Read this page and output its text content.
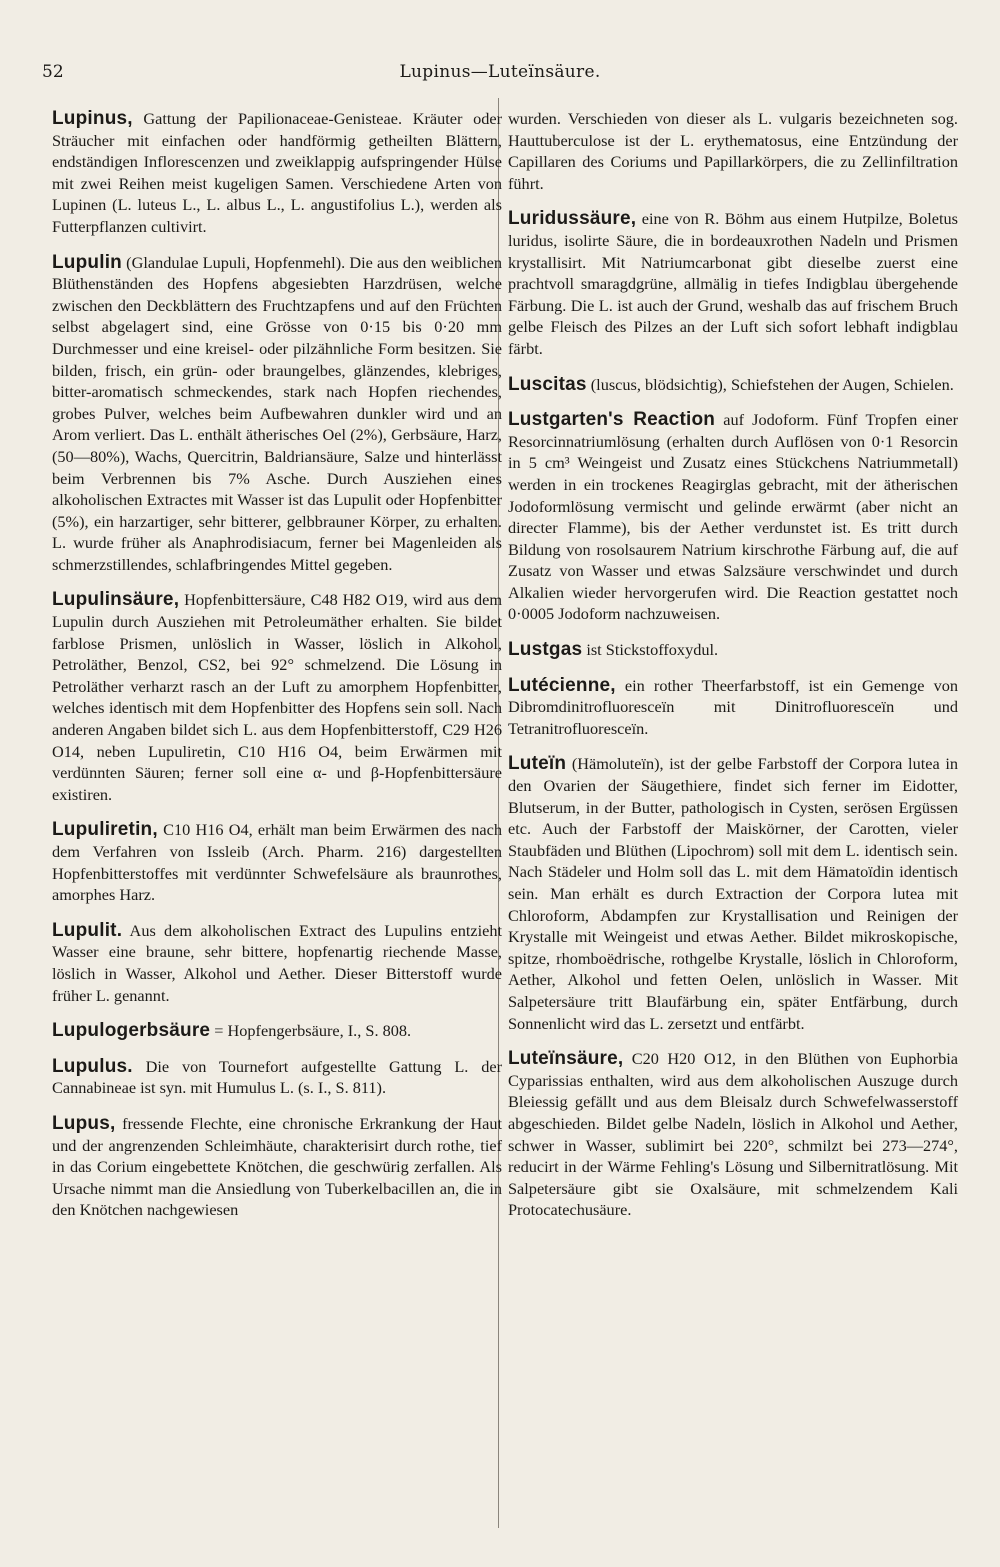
52	Lupinus—Luteïnsäure.

Lupinus, Gattung der Papilionaceae-Genisteae. Kräuter oder Sträucher mit einfachen oder handförmig getheilten Blättern, endständigen Inflorescenzen und zweiklappig aufspringender Hülse mit zwei Reihen meist kugeligen Samen. Verschiedene Arten von Lupinen (L. luteus L., L. albus L., L. angustifolius L.), werden als Futterpflanzen cultivirt.

Lupulin (Glandulae Lupuli, Hopfenmehl). Die aus den weiblichen Blüthenständen des Hopfens abgesiebten Harzdrüsen, welche zwischen den Deckblättern des Fruchtzapfens und auf den Früchten selbst abgelagert sind, eine Grösse von 0·15 bis 0·20 mm Durchmesser und eine kreisel- oder pilzähnliche Form besitzen. Sie bilden, frisch, ein grün- oder braungelbes, glänzendes, klebriges, bitter-aromatisch schmeckendes, stark nach Hopfen riechendes, grobes Pulver, welches beim Aufbewahren dunkler wird und an Arom verliert. Das L. enthält ätherisches Oel (2%), Gerbsäure, Harz, (50—80%), Wachs, Quercitrin, Baldriansäure, Salze und hinterlässt beim Verbrennen bis 7% Asche. Durch Ausziehen eines alkoholischen Extractes mit Wasser ist das Lupulit oder Hopfenbitter (5%), ein harzartiger, sehr bitterer, gelbbrauner Körper, zu erhalten. L. wurde früher als Anaphrodisiacum, ferner bei Magenleiden als schmerzstillendes, schlafbringendes Mittel gegeben.

Lupulinsäure, Hopfenbittersäure, C48 H82 O19, wird aus dem Lupulin durch Ausziehen mit Petroleumäther erhalten. Sie bildet farblose Prismen, unlöslich in Wasser, löslich in Alkohol, Petroläther, Benzol, CS2, bei 92° schmelzend. Die Lösung in Petroläther verharzt rasch an der Luft zu amorphem Hopfenbitter, welches identisch mit dem Hopfenbitter des Hopfens sein soll. Nach anderen Angaben bildet sich L. aus dem Hopfenbitterstoff, C29 H26 O14, neben Lupuliretin, C10 H16 O4, beim Erwärmen mit verdünnten Säuren; ferner soll eine α- und β-Hopfenbittersäure existiren.

Lupuliretin, C10 H16 O4, erhält man beim Erwärmen des nach dem Verfahren von Issleib (Arch. Pharm. 216) dargestellten Hopfenbitterstoffes mit verdünnter Schwefelsäure als braunrothes, amorphes Harz.

Lupulit. Aus dem alkoholischen Extract des Lupulins entzieht Wasser eine braune, sehr bittere, hopfenartig riechende Masse, löslich in Wasser, Alkohol und Aether. Dieser Bitterstoff wurde früher L. genannt.

Lupulogerbsäure = Hopfengerbsäure, I., S. 808.

Lupulus. Die von Tournefort aufgestellte Gattung L. der Cannabineae ist syn. mit Humulus L. (s. I., S. 811).

Lupus, fressende Flechte, eine chronische Erkrankung der Haut und der angrenzenden Schleimhäute, charakterisirt durch rothe, tief in das Corium eingebettete Knötchen, die geschwürig zerfallen. Als Ursache nimmt man die Ansiedlung von Tuberkelbacillen an, die in den Knötchen nachgewiesen

wurden. Verschieden von dieser als L. vulgaris bezeichneten sog. Hauttuberculose ist der L. erythematosus, eine Entzündung der Capillaren des Coriums und Papillarkörpers, die zu Zellinfiltration führt.

Luridussäure, eine von R. Böhm aus einem Hutpilze, Boletus luridus, isolirte Säure, die in bordeauxrothen Nadeln und Prismen krystallisirt. Mit Natriumcarbonat gibt dieselbe zuerst eine prachtvoll smaragdgrüne, allmälig in tiefes Indigblau übergehende Färbung. Die L. ist auch der Grund, weshalb das auf frischem Bruch gelbe Fleisch des Pilzes an der Luft sich sofort lebhaft indigblau färbt.

Luscitas (luscus, blödsichtig), Schiefstehen der Augen, Schielen.

Lustgarten's Reaction auf Jodoform. Fünf Tropfen einer Resorcinnatriumlösung (erhalten durch Auflösen von 0·1 Resorcin in 5 cm³ Weingeist und Zusatz eines Stückchens Natriummetall) werden in ein trockenes Reagirglas gebracht, mit der ätherischen Jodoformlösung vermischt und gelinde erwärmt (aber nicht an directer Flamme), bis der Aether verdunstet ist. Es tritt durch Bildung von rosolsaurem Natrium kirschrothe Färbung auf, die auf Zusatz von Wasser und etwas Salzsäure verschwindet und durch Alkalien wieder hervorgerufen wird. Die Reaction gestattet noch 0·0005 Jodoform nachzuweisen.

Lustgas ist Stickstoffoxydul.

Lutécienne, ein rother Theerfarbstoff, ist ein Gemenge von Dibromdinitrofluoresceïn mit Dinitrofluoresceïn und Tetranitrofluoresceïn.

Luteïn (Hämoluteïn), ist der gelbe Farbstoff der Corpora lutea in den Ovarien der Säugethiere, findet sich ferner im Eidotter, Blutserum, in der Butter, pathologisch in Cysten, serösen Ergüssen etc. Auch der Farbstoff der Maiskörner, der Carotten, vieler Staubfäden und Blüthen (Lipochrom) soll mit dem L. identisch sein. Nach Städeler und Holm soll das L. mit dem Hämatoïdin identisch sein. Man erhält es durch Extraction der Corpora lutea mit Chloroform, Abdampfen zur Krystallisation und Reinigen der Krystalle mit Weingeist und etwas Aether. Bildet mikroskopische, spitze, rhomboëdrische, rothgelbe Krystalle, löslich in Chloroform, Aether, Alkohol und fetten Oelen, unlöslich in Wasser. Mit Salpetersäure tritt Blaufärbung ein, später Entfärbung, durch Sonnenlicht wird das L. zersetzt und entfärbt.

Luteïnsäure, C20 H20 O12, in den Blüthen von Euphorbia Cyparissias enthalten, wird aus dem alkoholischen Auszuge durch Bleiessig gefällt und aus dem Bleisalz durch Schwefelwasserstoff abgeschieden. Bildet gelbe Nadeln, löslich in Alkohol und Aether, schwer in Wasser, sublimirt bei 220°, schmilzt bei 273—274°, reducirt in der Wärme Fehling's Lösung und Silbernitratlösung. Mit Salpetersäure gibt sie Oxalsäure, mit schmelzendem Kali Protocatechusäure.
